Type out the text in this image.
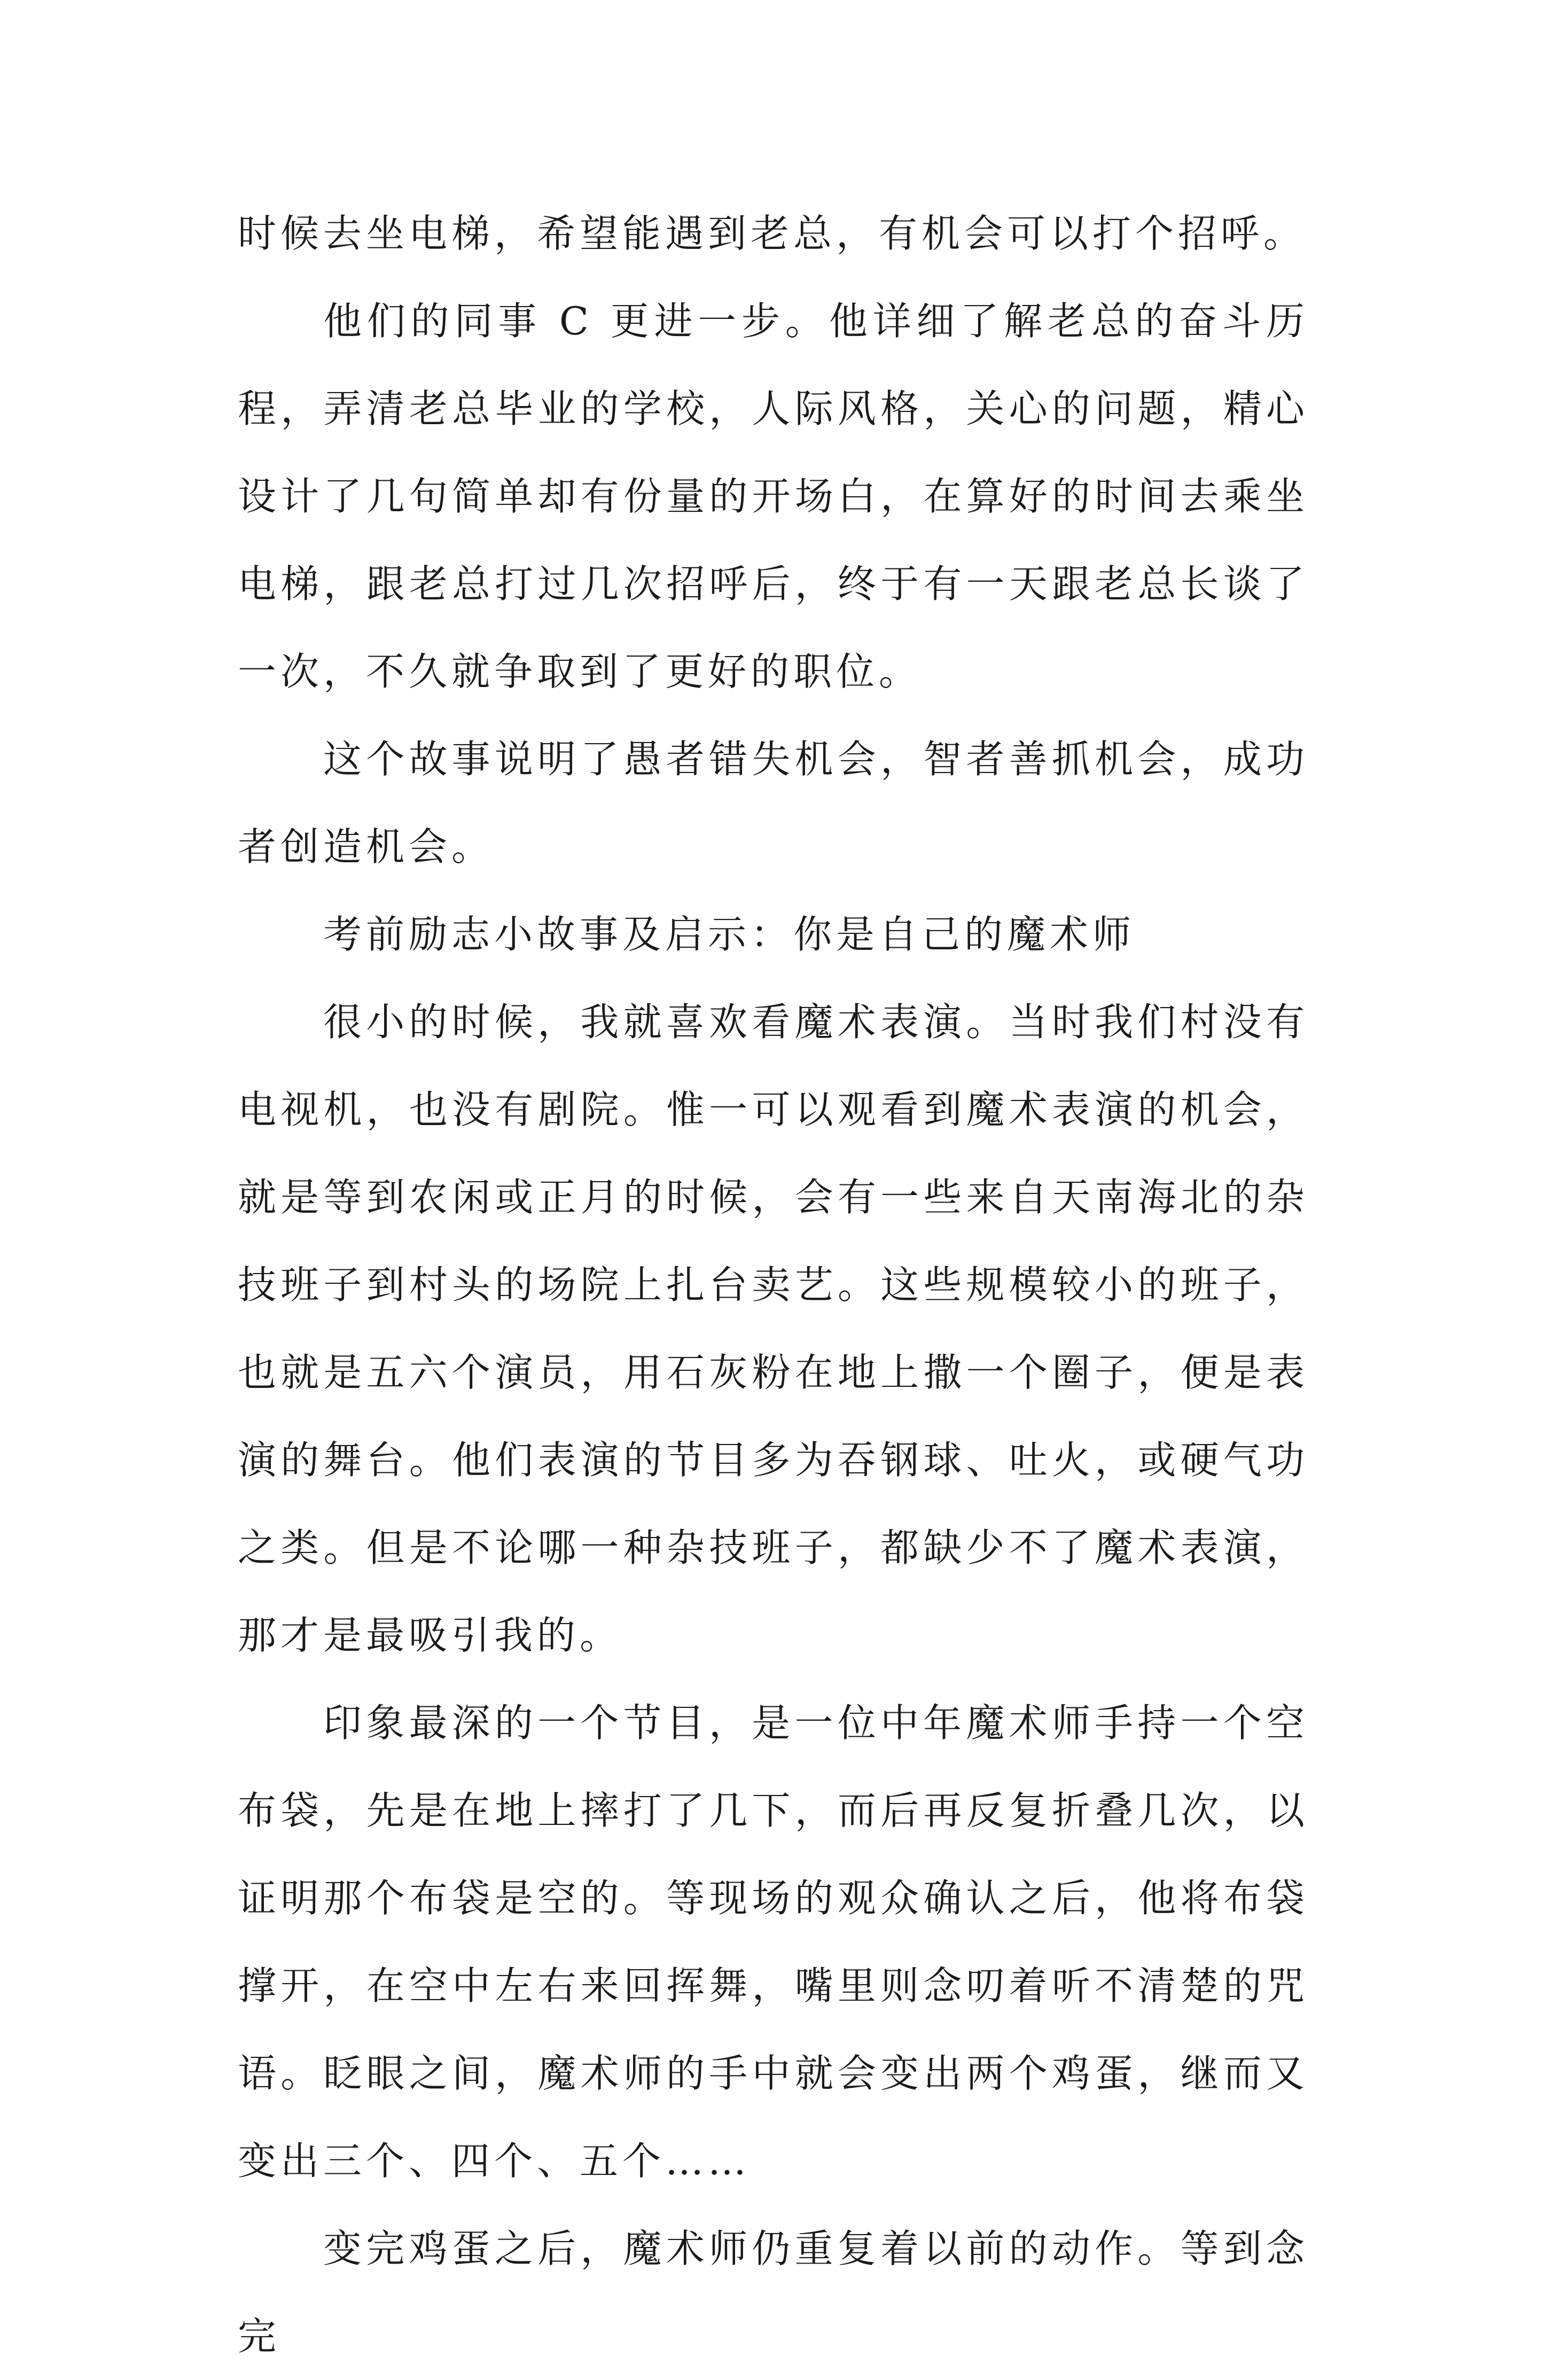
时候去坐电梯，希望能遇到老总，有机会可以打个招呼。

他们的同事 C 更进一步。他详细了解老总的奋斗历程，弄清老总毕业的学校，人际风格，关心的问题，精心设计了几句简单却有份量的开场白，在算好的时间去乘坐电梯，跟老总打过几次招呼后，终于有一天跟老总长谈了一次，不久就争取到了更好的职位。

这个故事说明了愚者错失机会，智者善抓机会，成功者创造机会。

考前励志小故事及启示：你是自己的魔术师

很小的时候，我就喜欢看魔术表演。当时我们村没有电视机，也没有剧院。惟一可以观看到魔术表演的机会，就是等到农闲或正月的时候，会有一些来自天南海北的杂技班子到村头的场院上扎台卖艺。这些规模较小的班子，也就是五六个演员，用石灰粉在地上撒一个圈子，便是表演的舞台。他们表演的节目多为吞钢球、吐火，或硬气功之类。但是不论哪一种杂技班子，都缺少不了魔术表演，那才是最吸引我的。

印象最深的一个节目，是一位中年魔术师手持一个空布袋，先是在地上摔打了几下，而后再反复折叠几次，以证明那个布袋是空的。等现场的观众确认之后，他将布袋撑开，在空中左右来回挥舞，嘴里则念叨着听不清楚的咒语。眨眼之间，魔术师的手中就会变出两个鸡蛋，继而又变出三个、四个、五个……

变完鸡蛋之后，魔术师仍重复着以前的动作。等到念完
